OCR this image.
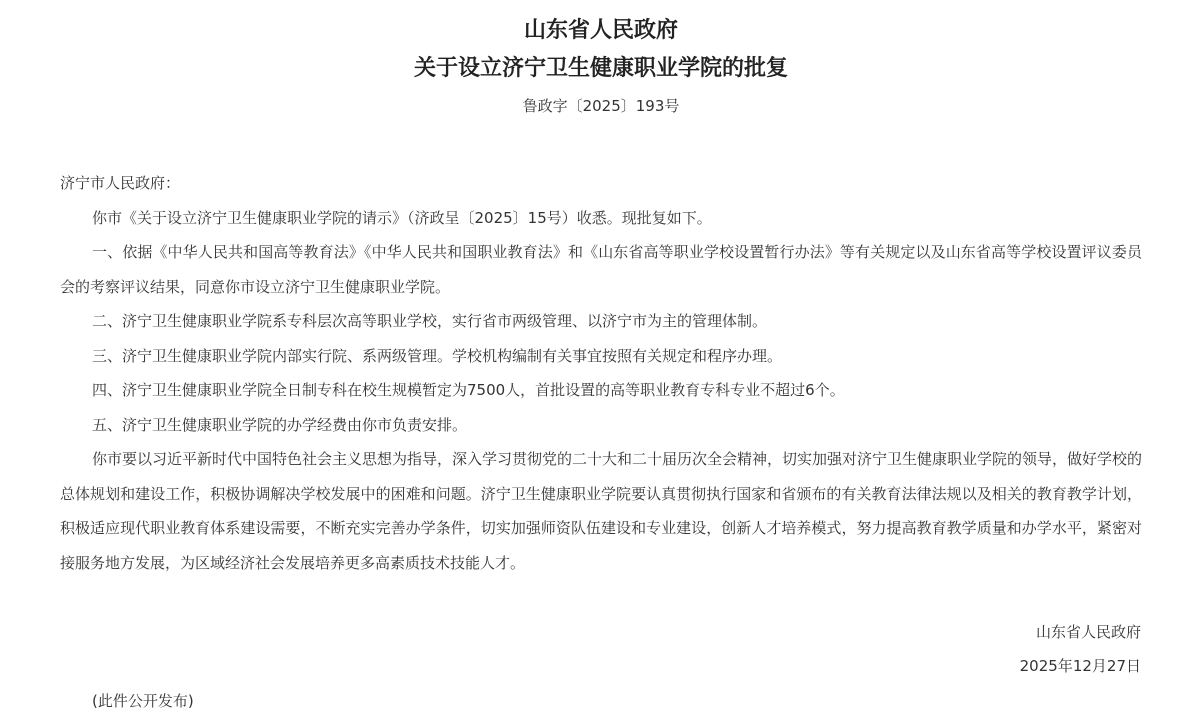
山东省人民政府
关于设立济宁卫生健康职业学院的批复
鲁政字〔2025〕193号

济宁市人民政府：

你市《关于设立济宁卫生健康职业学院的请示》（济政呈〔2025〕15号）收悉。现批复如下。

一、依据《中华人民共和国高等教育法》《中华人民共和国职业教育法》和《山东省高等职业学校设置暂行办法》等有关规定以及山东省高等学校设置评议委员会的考察评议结果，同意你市设立济宁卫生健康职业学院。

二、济宁卫生健康职业学院系专科层次高等职业学校，实行省市两级管理、以济宁市为主的管理体制。

三、济宁卫生健康职业学院内部实行院、系两级管理。学校机构编制有关事宜按照有关规定和程序办理。

四、济宁卫生健康职业学院全日制专科在校生规模暂定为7500人，首批设置的高等职业教育专科专业不超过6个。

五、济宁卫生健康职业学院的办学经费由你市负责安排。

你市要以习近平新时代中国特色社会主义思想为指导，深入学习贯彻党的二十大和二十届历次全会精神，切实加强对济宁卫生健康职业学院的领导，做好学校的总体规划和建设工作，积极协调解决学校发展中的困难和问题。济宁卫生健康职业学院要认真贯彻执行国家和省颁布的有关教育法律法规以及相关的教育教学计划，积极适应现代职业教育体系建设需要，不断充实完善办学条件，切实加强师资队伍建设和专业建设，创新人才培养模式，努力提高教育教学质量和办学水平，紧密对接服务地方发展，为区域经济社会发展培养更多高素质技术技能人才。

山东省人民政府
2025年12月27日
(此件公开发布)
